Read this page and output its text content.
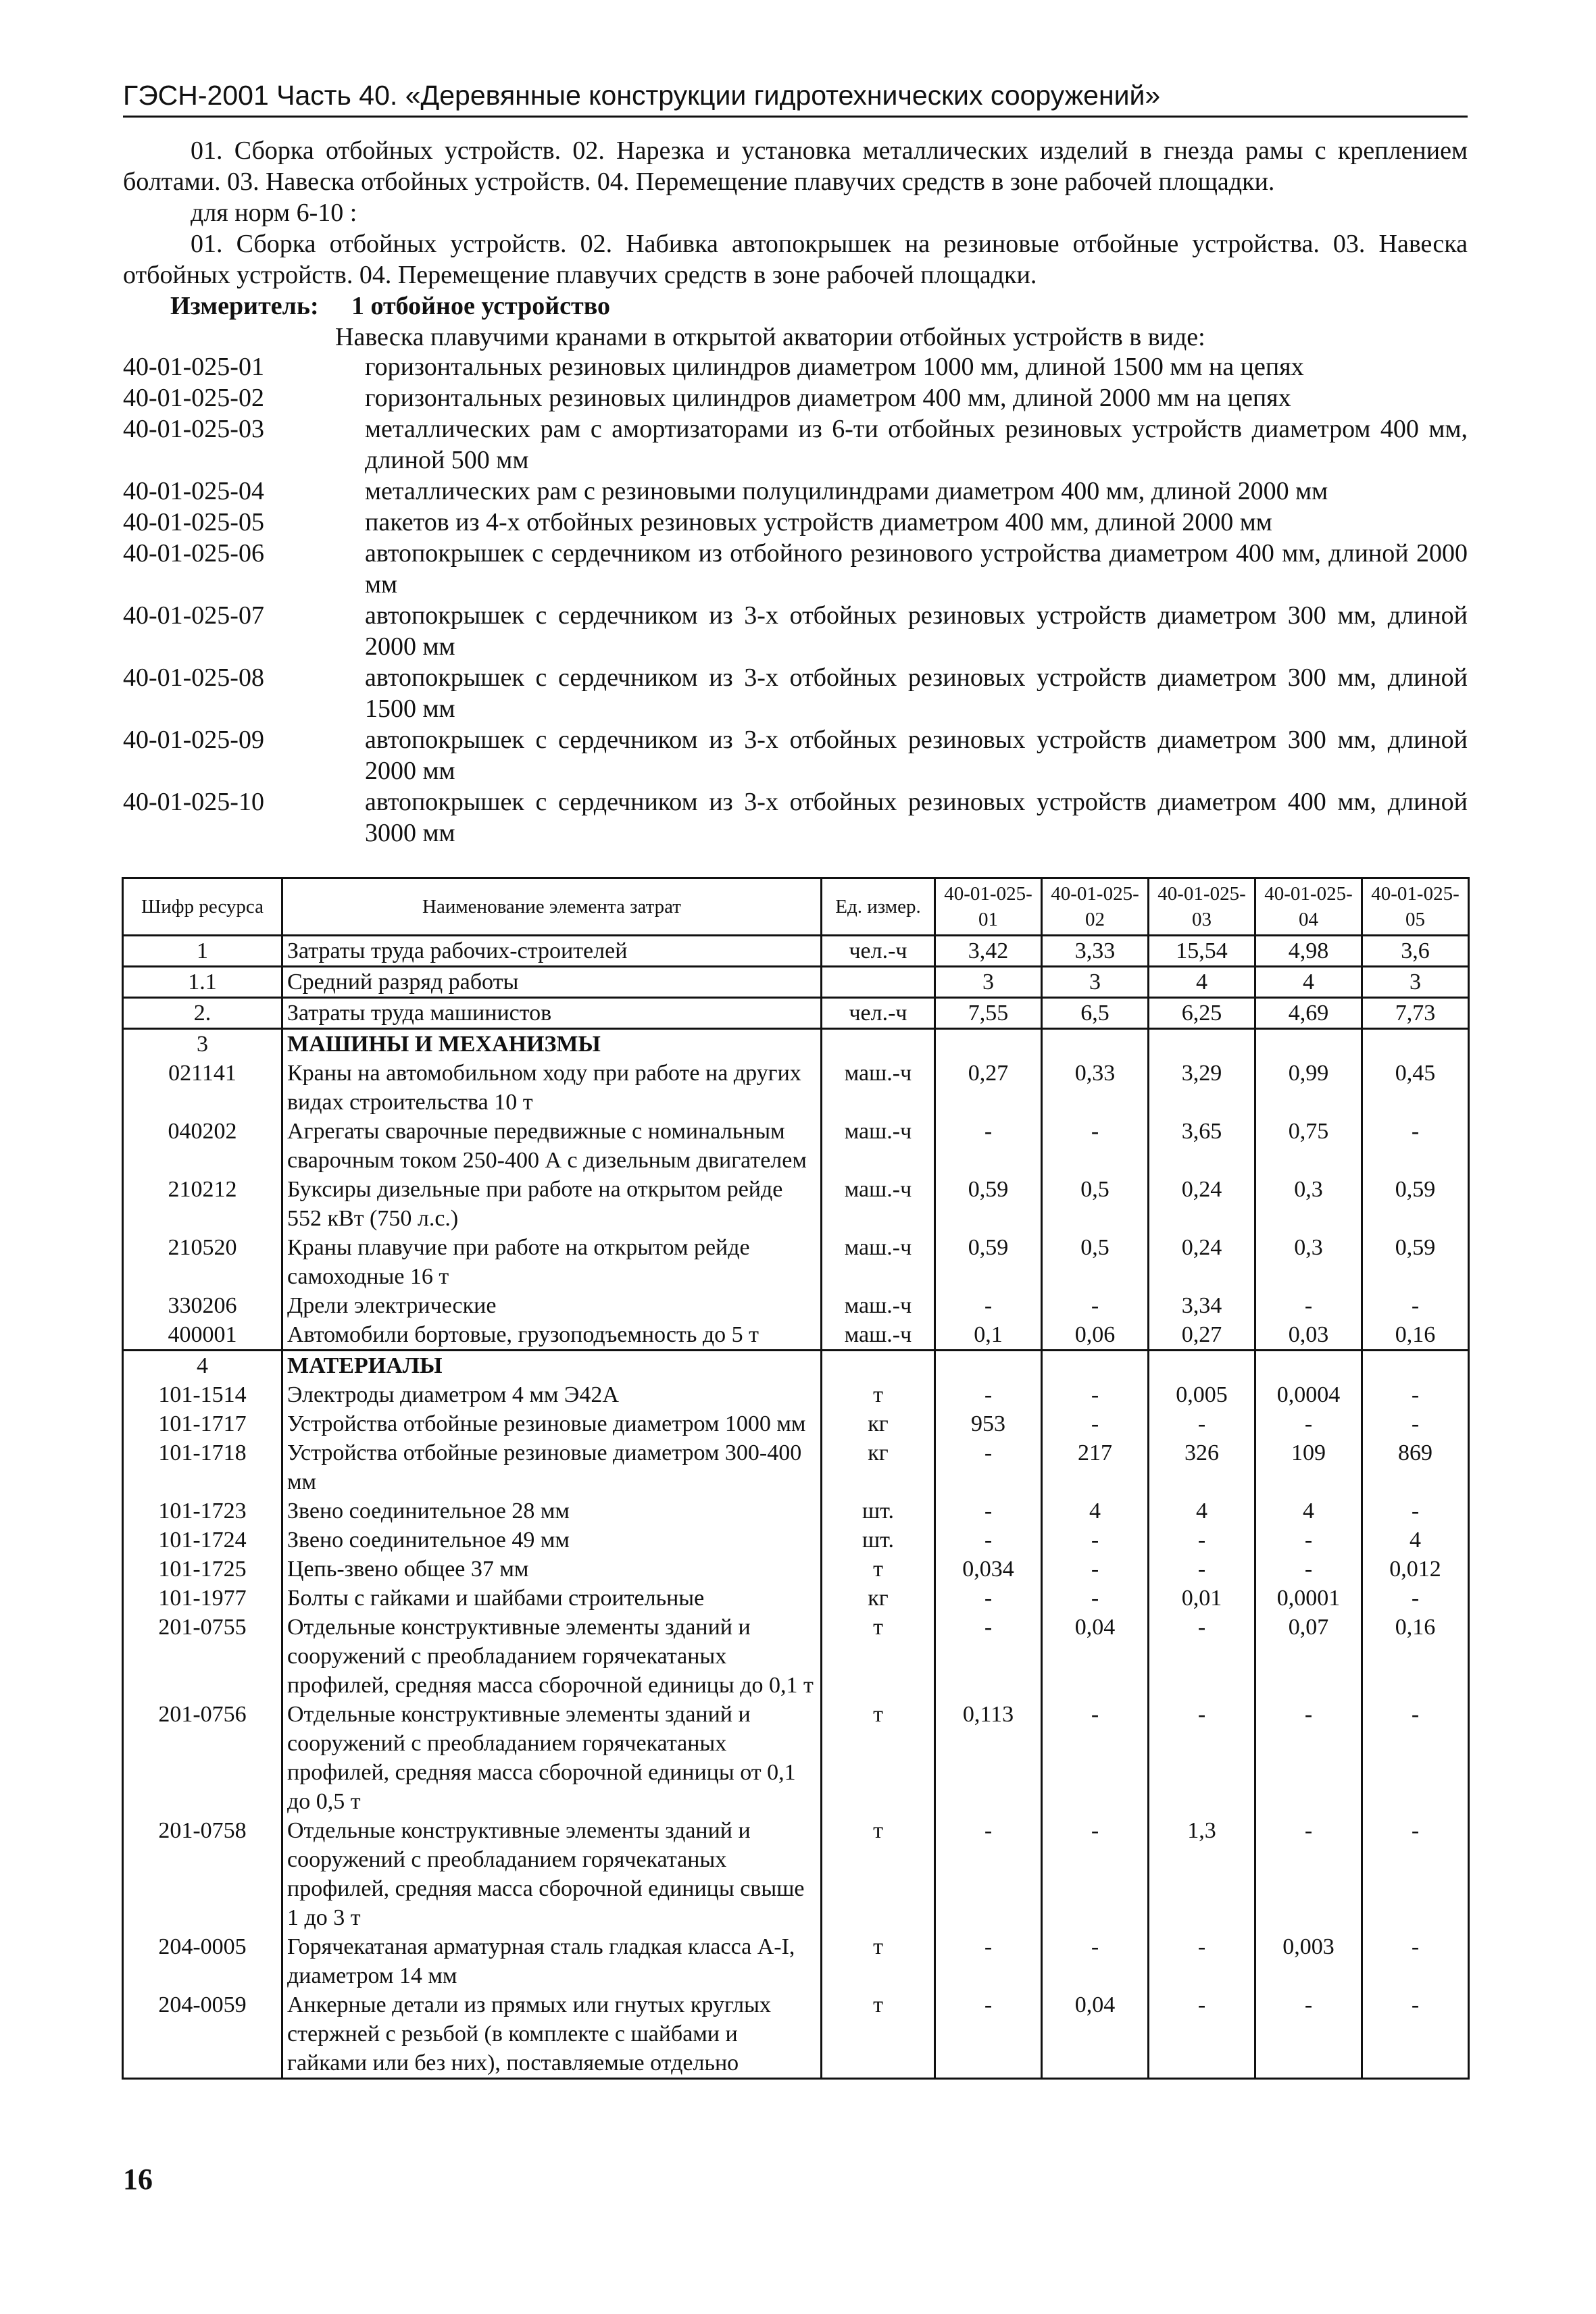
ГЭСН-2001 Часть 40. «Деревянные конструкции гидротехнических сооружений»
01. Сборка отбойных устройств. 02. Нарезка и установка металлических изделий в гнезда рамы с креплением болтами. 03. Навеска отбойных устройств. 04. Перемещение плавучих средств в зоне рабочей площадки.
для норм 6-10 :
01. Сборка отбойных устройств. 02. Набивка автопокрышек на резиновые отбойные устройства. 03. Навеска отбойных устройств. 04. Перемещение плавучих средств в зоне рабочей площадки.
Измеритель: 1 отбойное устройство
Навеска плавучими кранами в открытой акватории отбойных устройств в виде:
40-01-025-01	горизонтальных резиновых цилиндров диаметром 1000 мм, длиной 1500 мм на цепях
40-01-025-02	горизонтальных резиновых цилиндров диаметром 400 мм, длиной 2000 мм на цепях
40-01-025-03	металлических рам с амортизаторами из 6-ти отбойных резиновых устройств диаметром 400 мм, длиной 500 мм
40-01-025-04	металлических рам с резиновыми полуцилиндрами диаметром 400 мм, длиной 2000 мм
40-01-025-05	пакетов из 4-х отбойных резиновых устройств диаметром 400 мм, длиной 2000 мм
40-01-025-06	автопокрышек с сердечником из отбойного резинового устройства диаметром 400 мм, длиной 2000 мм
40-01-025-07	автопокрышек с сердечником из 3-х отбойных резиновых устройств диаметром 300 мм, длиной 2000 мм
40-01-025-08	автопокрышек с сердечником из 3-х отбойных резиновых устройств диаметром 300 мм, длиной 1500 мм
40-01-025-09	автопокрышек с сердечником из 3-х отбойных резиновых устройств диаметром 300 мм, длиной 2000 мм
40-01-025-10	автопокрышек с сердечником из 3-х отбойных резиновых устройств диаметром 400 мм, длиной 3000 мм
Шифр ресурса	Наименование элемента затрат	Ед. измер.	40-01-025-01	40-01-025-02	40-01-025-03	40-01-025-04	40-01-025-05
1	Затраты труда рабочих-строителей	чел.-ч	3,42	3,33	15,54	4,98	3,6
1.1	Средний разряд работы		3	3	4	4	3
2.	Затраты труда машинистов	чел.-ч	7,55	6,5	6,25	4,69	7,73
3	МАШИНЫ И МЕХАНИЗМЫ						
021141	Краны на автомобильном ходу при работе на других видах строительства 10 т	маш.-ч	0,27	0,33	3,29	0,99	0,45
040202	Агрегаты сварочные передвижные с номинальным сварочным током 250-400 А с дизельным двигателем	маш.-ч	-	-	3,65	0,75	-
210212	Буксиры дизельные при работе на открытом рейде 552 кВт (750 л.с.)	маш.-ч	0,59	0,5	0,24	0,3	0,59
210520	Краны плавучие при работе на открытом рейде самоходные 16 т	маш.-ч	0,59	0,5	0,24	0,3	0,59
330206	Дрели электрические	маш.-ч	-	-	3,34	-	-
400001	Автомобили бортовые, грузоподъемность до 5 т	маш.-ч	0,1	0,06	0,27	0,03	0,16
4	МАТЕРИАЛЫ						
101-1514	Электроды диаметром 4 мм Э42А	т	-	-	0,005	0,0004	-
101-1717	Устройства отбойные резиновые диаметром 1000 мм	кг	953	-	-	-	-
101-1718	Устройства отбойные резиновые диаметром 300-400 мм	кг	-	217	326	109	869
101-1723	Звено соединительное 28 мм	шт.	-	4	4	4	-
101-1724	Звено соединительное 49 мм	шт.	-	-	-	-	4
101-1725	Цепь-звено общее 37 мм	т	0,034	-	-	-	0,012
101-1977	Болты с гайками и шайбами строительные	кг	-	-	0,01	0,0001	-
201-0755	Отдельные конструктивные элементы зданий и сооружений с преобладанием горячекатаных профилей, средняя масса сборочной единицы до 0,1 т	т	-	0,04	-	0,07	0,16
201-0756	Отдельные конструктивные элементы зданий и сооружений с преобладанием горячекатаных профилей, средняя масса сборочной единицы от 0,1 до 0,5 т	т	0,113	-	-	-	-
201-0758	Отдельные конструктивные элементы зданий и сооружений с преобладанием горячекатаных профилей, средняя масса сборочной единицы свыше 1 до 3 т	т	-	-	1,3	-	-
204-0005	Горячекатаная арматурная сталь гладкая класса А-I, диаметром 14 мм	т	-	-	-	0,003	-
204-0059	Анкерные детали из прямых или гнутых круглых стержней с резьбой (в комплекте с шайбами и гайками или без них), поставляемые отдельно	т	-	0,04	-	-	-
16
